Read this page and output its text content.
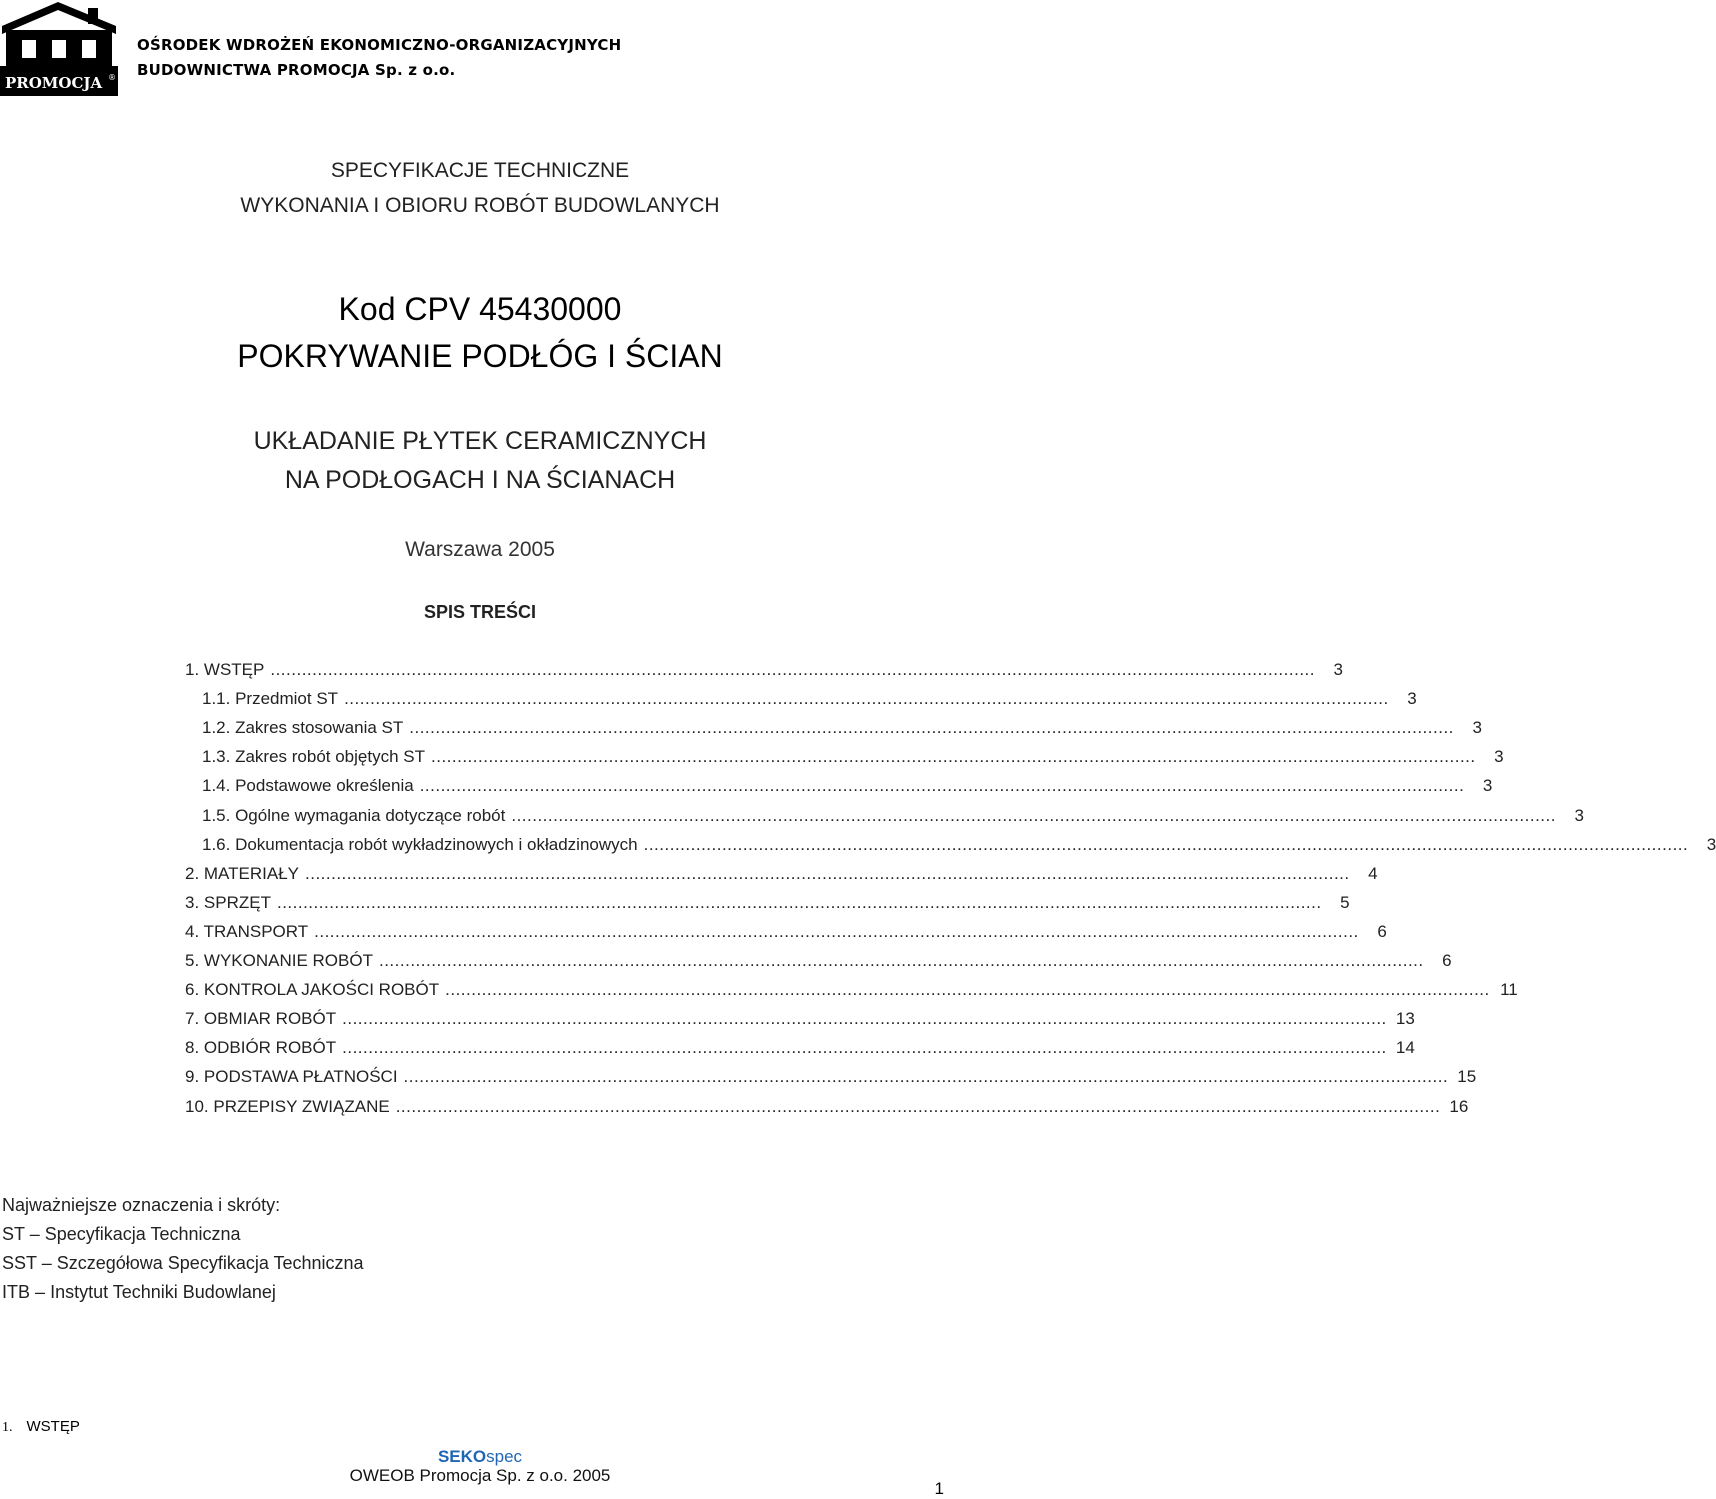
PROMOCJA ®
OŚRODEK WDROŻEŃ EKONOMICZNO-ORGANIZACYJNYCH
BUDOWNICTWA PROMOCJA Sp. z o.o.
SPECYFIKACJE TECHNICZNE
WYKONANIA I OBIORU ROBÓT BUDOWLANYCH
Kod CPV 45430000
POKRYWANIE PODŁÓG I ŚCIAN
UKŁADANIE PŁYTEK CERAMICZNYCH
NA PODŁOGACH I NA ŚCIANACH
Warszawa 2005
SPIS TREŚCI
1. WSTĘP ........................................................................................................................................................................................................	3
1.1. Przedmiot ST ........................................................................................................................................................................................................	3
1.2. Zakres stosowania ST ........................................................................................................................................................................................................	3
1.3. Zakres robót objętych ST ........................................................................................................................................................................................................	3
1.4. Podstawowe określenia ........................................................................................................................................................................................................	3
1.5. Ogólne wymagania dotyczące robót ........................................................................................................................................................................................................	3
1.6. Dokumentacja robót wykładzinowych i okładzinowych ........................................................................................................................................................................................................	3
2. MATERIAŁY ........................................................................................................................................................................................................	4
3. SPRZĘT ........................................................................................................................................................................................................	5
4. TRANSPORT ........................................................................................................................................................................................................	6
5. WYKONANIE ROBÓT ........................................................................................................................................................................................................	6
6. KONTROLA JAKOŚCI ROBÓT ........................................................................................................................................................................................................ 11
7. OBMIAR ROBÓT ........................................................................................................................................................................................................ 13
8. ODBIÓR ROBÓT ........................................................................................................................................................................................................ 14
9. PODSTAWA PŁATNOŚCI ........................................................................................................................................................................................................ 15
10. PRZEPISY ZWIĄZANE ........................................................................................................................................................................................................ 16
Najważniejsze oznaczenia i skróty:
ST – Specyfikacja Techniczna
SST – Szczegółowa Specyfikacja Techniczna
ITB – Instytut Techniki Budowlanej
1. WSTĘP
SEKOspec
OWEOB Promocja Sp. z o.o. 2005
1
